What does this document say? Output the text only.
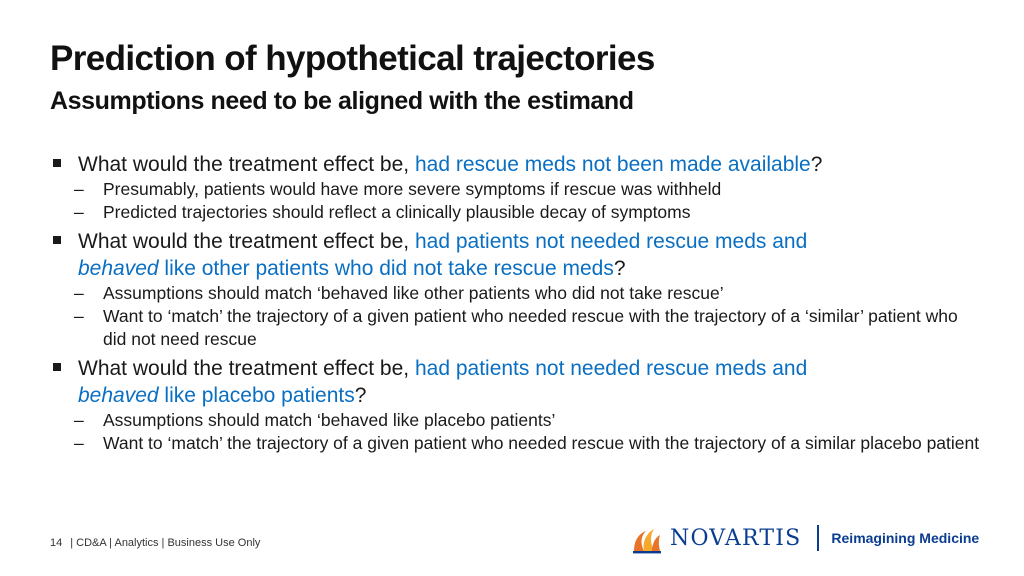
Prediction of hypothetical trajectories
Assumptions need to be aligned with the estimand
What would the treatment effect be, had rescue meds not been made available?
– Presumably, patients would have more severe symptoms if rescue was withheld
– Predicted trajectories should reflect a clinically plausible decay of symptoms
What would the treatment effect be, had patients not needed rescue meds and
behaved like other patients who did not take rescue meds?
– Assumptions should match ‘behaved like other patients who did not take rescue’
– Want to ‘match’ the trajectory of a given patient who needed rescue with the trajectory of a ‘similar’ patient who did not need rescue
What would the treatment effect be, had patients not needed rescue meds and
behaved like placebo patients?
– Assumptions should match ‘behaved like placebo patients’
– Want to ‘match’ the trajectory of a given patient who needed rescue with the trajectory of a similar placebo patient
14 | CD&A | Analytics | Business Use Only	NOVARTIS Reimagining Medicine
